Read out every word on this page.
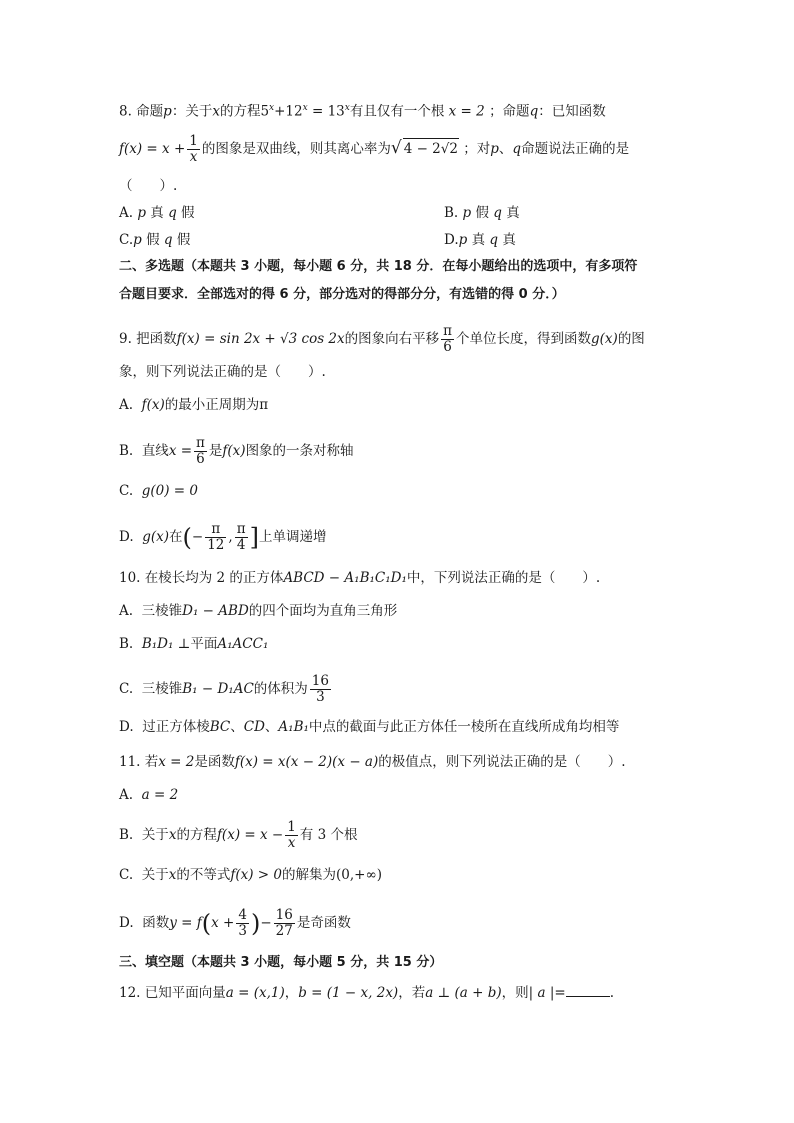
8. 命题p：关于x的方程$5^x+12^x = 13^x$有且仅有一个根 x = 2 ；命题q：已知函数
$f(x) = x + \frac{1}{x}$ 的图象是双曲线，则其离心率为√ 4 − 2√2 ；对p、q命题说法正确的是
（　　）.
A. p 真 q 假	B. p 假 q 真
C.p 假 q 假	D.p 真 q 真
二、多选题（本题共 3 小题，每小题 6 分，共 18 分．在每小题给出的选项中，有多项符
合题目要求．全部选对的得 6 分，部分选对的得部分分，有选错的得 0 分．）
9. 把函数f(x) = sin 2x + √3 cos 2x的图象向右平移 $\frac{\pi}{6}$ 个单位长度，得到函数g(x)的图
象，则下列说法正确的是（　　）.
A. f(x)的最小正周期为π
B. 直线$x = \frac{\pi}{6}$ 是f(x)图象的一条对称轴
C. g(0) = 0
D. g(x)在(− $\frac{\pi}{12}$ , $\frac{\pi}{4}$ ]上单调递增
10. 在棱长均为 2 的正方体ABCD − A₁B₁C₁D₁中，下列说法正确的是（　　）.
A. 三棱锥D₁ − ABD的四个面均为直角三角形
B. B₁D₁ ⊥平面A₁ACC₁
C. 三棱锥B₁ − D₁AC的体积为 $\frac{16}{3}$
D. 过正方体棱BC、CD、A₁B₁中点的截面与此正方体任一棱所在直线所成角均相等
11. 若x = 2是函数f(x) = x(x − 2)(x − a)的极值点，则下列说法正确的是（　　）.
A. a = 2
B. 关于x的方程$f(x) = x - \frac{1}{x}$ 有 3 个根
C. 关于x的不等式f(x) > 0的解集为(0,+∞)
D. 函数$y = f(x + \frac{4}{3}$ )− $\frac{16}{27}$ 是奇函数
三、填空题（本题共 3 小题，每小题 5 分，共 15 分）
12. 已知平面向量a = (x,1)，b = (1 − x, 2x)，若a ⊥ (a + b)，则| a |=	.
